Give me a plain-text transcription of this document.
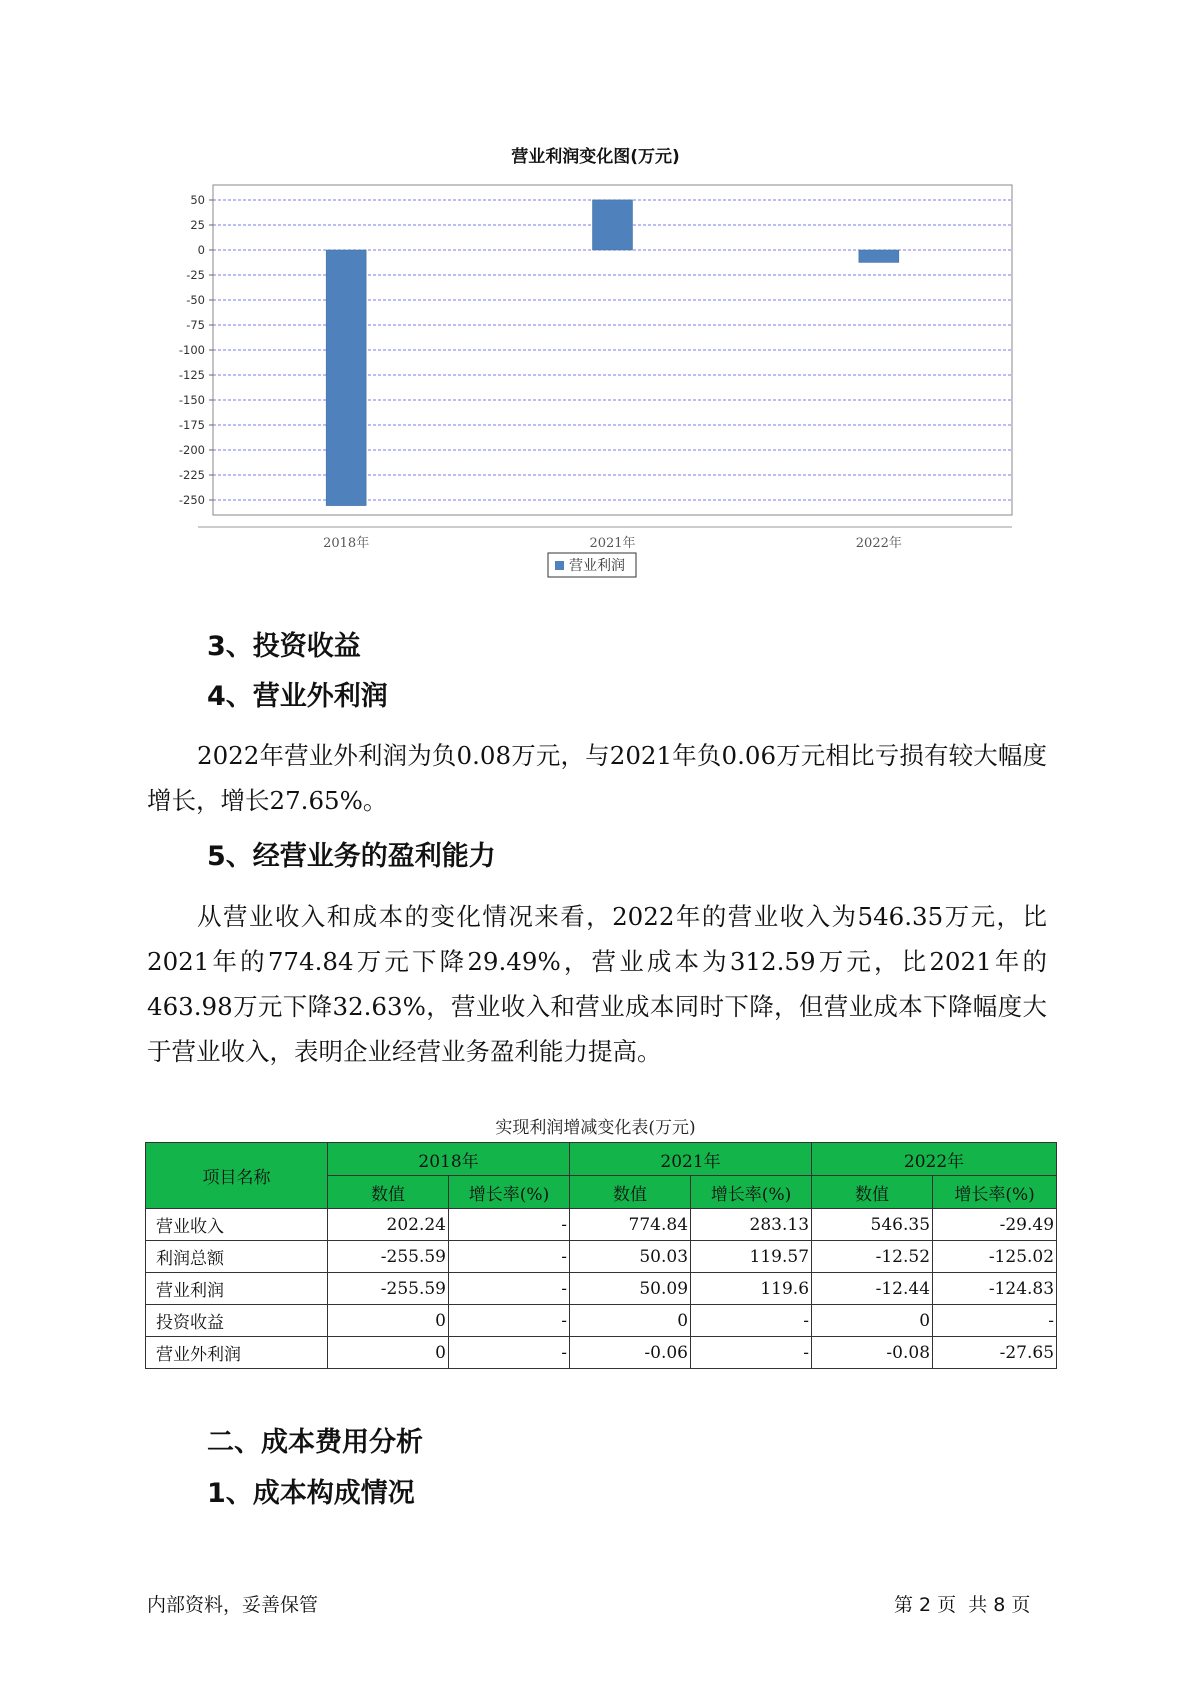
营业利润变化图(万元)
50
25
0
-25
-50
-75
-100
-125
-150
-175
-200
-225
-250
2018年	2021年	2022年
营业利润
3、投资收益
4、营业外利润
2022年营业外利润为负0.08万元，与2021年负0.06万元相比亏损有较大幅度增长，增长27.65%。
5、经营业务的盈利能力
从营业收入和成本的变化情况来看，2022年的营业收入为546.35万元，比2021年的774.84万元下降29.49%，营业成本为312.59万元，比2021年的463.98万元下降32.63%，营业收入和营业成本同时下降，但营业成本下降幅度大于营业收入，表明企业经营业务盈利能力提高。
实现利润增减变化表(万元)
项目名称	2018年		2021年		2022年	
	数值	增长率(%)	数值	增长率(%)	数值	增长率(%)
营业收入	202.24	-	774.84	283.13	546.35	-29.49
利润总额	-255.59	-	50.03	119.57	-12.52	-125.02
营业利润	-255.59	-	50.09	119.6	-12.44	-124.83
投资收益	0	-	0	-	0	-
营业外利润	0	-	-0.06	-	-0.08	-27.65
二、成本费用分析
1、成本构成情况
内部资料，妥善保管	第 2 页  共 8 页
